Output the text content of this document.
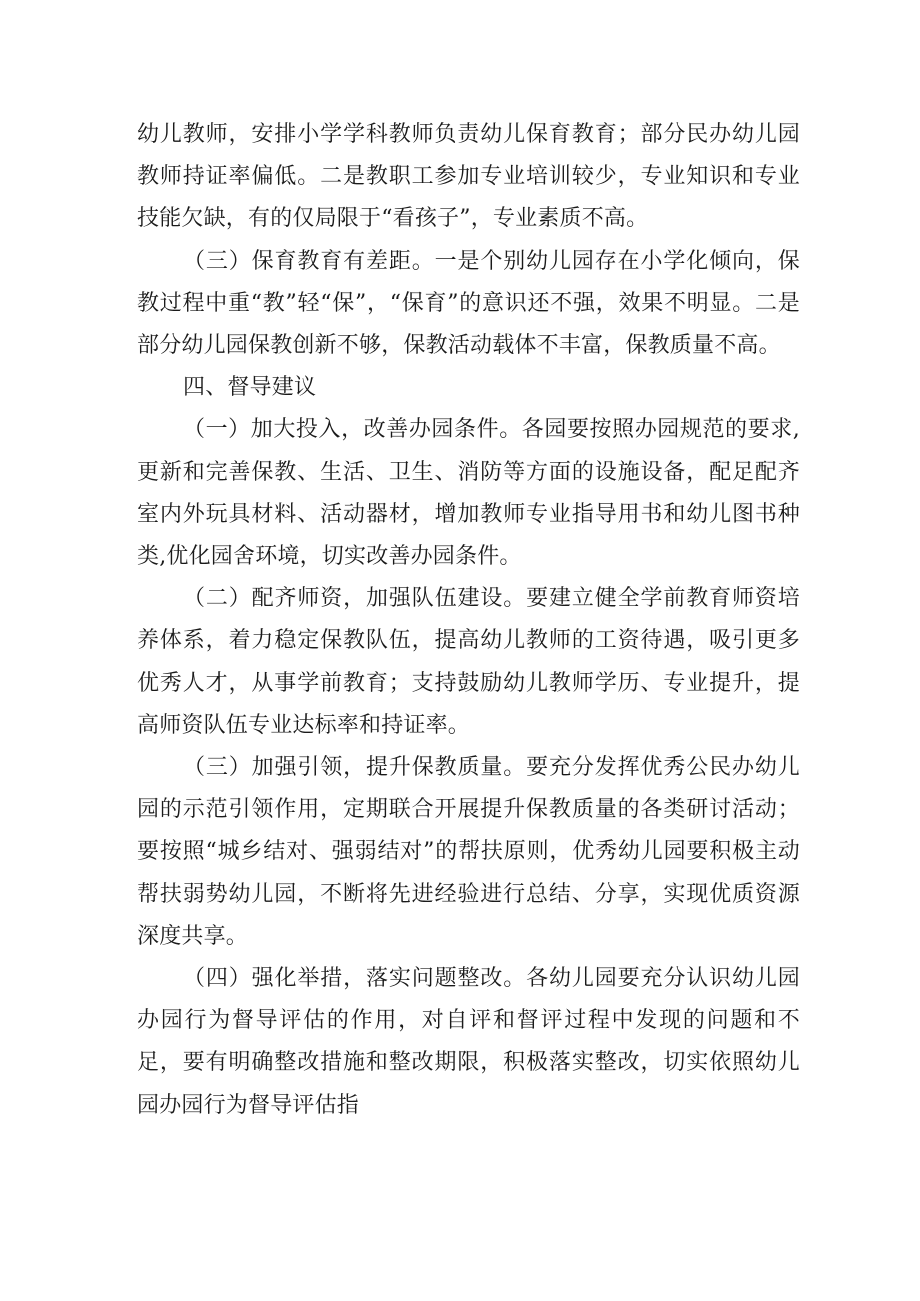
幼儿教师，安排小学学科教师负责幼儿保育教育；部分民办幼儿园教师持证率偏低。二是教职工参加专业培训较少，专业知识和专业技能欠缺，有的仅局限于“看孩子”，专业素质不高。

（三）保育教育有差距。一是个别幼儿园存在小学化倾向，保教过程中重“教”轻“保”，“保育”的意识还不强，效果不明显。二是部分幼儿园保教创新不够，保教活动载体不丰富，保教质量不高。

四、督导建议

（一）加大投入，改善办园条件。各园要按照办园规范的要求,更新和完善保教、生活、卫生、消防等方面的设施设备，配足配齐室内外玩具材料、活动器材，增加教师专业指导用书和幼儿图书种类,优化园舍环境，切实改善办园条件。

（二）配齐师资，加强队伍建设。要建立健全学前教育师资培养体系，着力稳定保教队伍，提高幼儿教师的工资待遇，吸引更多优秀人才，从事学前教育；支持鼓励幼儿教师学历、专业提升，提高师资队伍专业达标率和持证率。

（三）加强引领，提升保教质量。要充分发挥优秀公民办幼儿园的示范引领作用，定期联合开展提升保教质量的各类研讨活动；要按照“城乡结对、强弱结对”的帮扶原则，优秀幼儿园要积极主动帮扶弱势幼儿园，不断将先进经验进行总结、分享，实现优质资源深度共享。

（四）强化举措，落实问题整改。各幼儿园要充分认识幼儿园办园行为督导评估的作用，对自评和督评过程中发现的问题和不足，要有明确整改措施和整改期限，积极落实整改，切实依照幼儿园办园行为督导评估指
